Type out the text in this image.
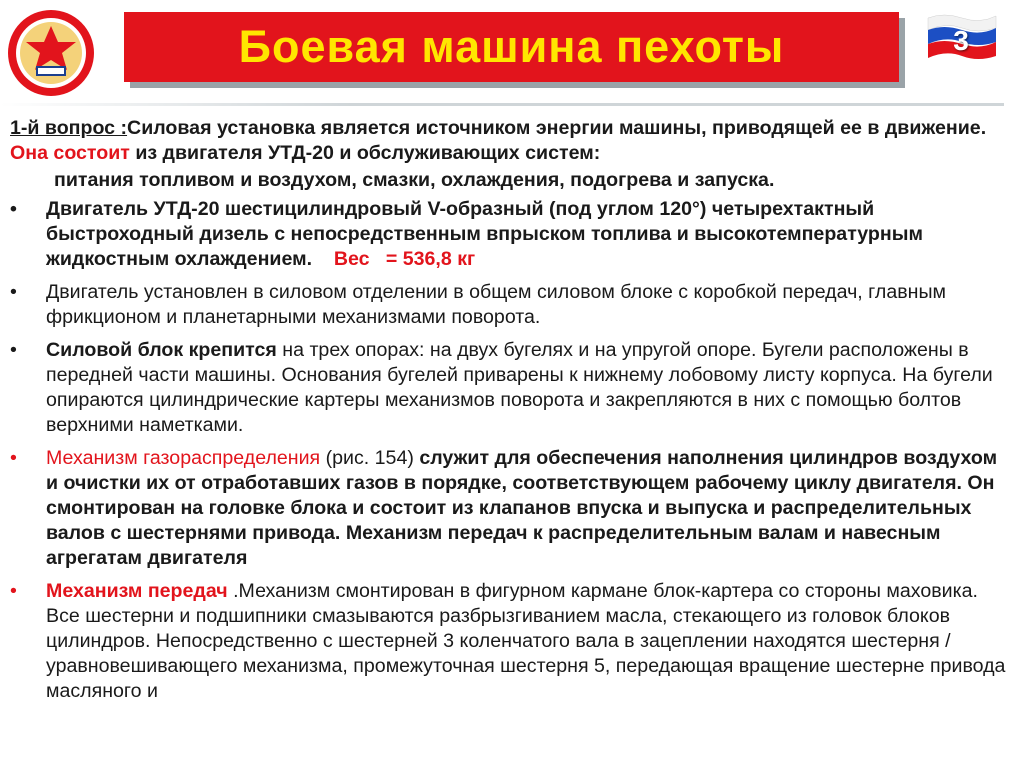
Боевая машина пехоты	3

1-й вопрос :Силовая установка является источником энергии машины, приводящей ее в движение. Она состоит из двигателя УТД-20 и обслуживающих систем:

питания топливом и воздухом, смазки, охлаждения, подогрева и запуска.

•	Двигатель УТД-20 шестицилиндровый V-образный (под углом 120°) четырехтактный быстроходный дизель с непосредственным впрыском топлива и высокотемпературным жидкостным охлаждением. Вес = 536,8 кг
•	Двигатель установлен в силовом отделении в общем силовом блоке с коробкой передач, главным фрикционом и планетарными механизмами поворота.
•	Силовой блок крепится на трех опорах: на двух бугелях и на упругой опоре. Бугели расположены в передней части машины. Основания бугелей приварены к нижнему лобовому листу корпуса. На бугели опираются цилиндрические картеры механизмов поворота и закрепляются в них с помощью болтов верхними наметками.
•	Механизм газораспределения (рис. 154) служит для обеспечения наполнения цилиндров воздухом и очистки их от отработавших газов в порядке, соответствующем рабочему циклу двигателя. Он смонтирован на головке блока и состоит из клапанов впуска и выпуска и распределительных валов с шестернями привода. Механизм передач к распределительным валам и навесным агрегатам двигателя
•	Механизм передач .Механизм смонтирован в фигурном кармане блок-картера со стороны маховика. Все шестерни и подшипники смазываются разбрызгиванием масла, стекающего из головок блоков цилиндров. Непосредственно с шестерней 3 коленчатого вала в зацеплении находятся шестерня / уравновешивающего механизма, промежуточная шестерня 5, передающая вращение шестерне привода масляного и
